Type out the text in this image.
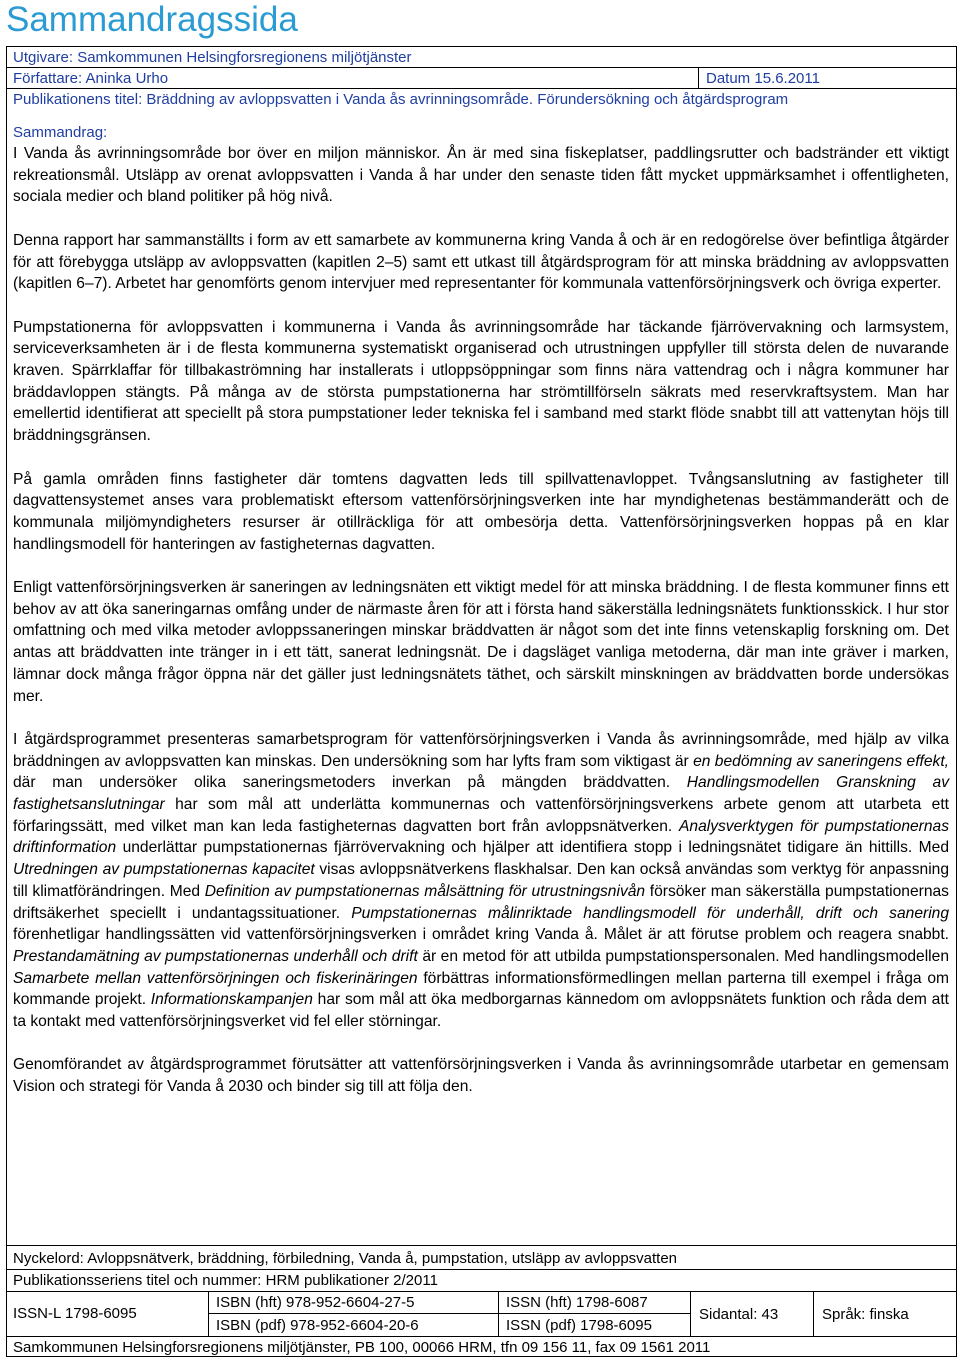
Sammandragssida
Utgivare: Samkommunen Helsingforsregionens miljötjänster
Författare: Aninka Urho	Datum 15.6.2011
Publikationens titel: Bräddning av avloppsvatten i Vanda ås avrinningsområde. Förundersökning och åtgärdsprogram
Sammandrag:

I Vanda ås avrinningsområde bor över en miljon människor. Ån är med sina fiskeplatser, paddlingsrutter och badstränder ett viktigt rekreationsmål. Utsläpp av orenat avloppsvatten i Vanda å har under den senaste tiden fått mycket uppmärksamhet i offentligheten, sociala medier och bland politiker på hög nivå.

Denna rapport har sammanställts i form av ett samarbete av kommunerna kring Vanda å och är en redogörelse över befintliga åtgärder för att förebygga utsläpp av avloppsvatten (kapitlen 2–5) samt ett utkast till åtgärdsprogram för att minska bräddning av avloppsvatten (kapitlen 6–7). Arbetet har genomförts genom intervjuer med representanter för kommunala vattenförsörjningsverk och övriga experter.

Pumpstationerna för avloppsvatten i kommunerna i Vanda ås avrinningsområde har täckande fjärrövervakning och larmsystem, serviceverksamheten är i de flesta kommunerna systematiskt organiserad och utrustningen uppfyller till största delen de nuvarande kraven. Spärrklaffar för tillbakaströmning har installerats i utloppsöppningar som finns nära vattendrag och i några kommuner har bräddavloppen stängts. På många av de största pumpstationerna har strömtillförseln säkrats med reservkraftsystem. Man har emellertid identifierat att speciellt på stora pumpstationer leder tekniska fel i samband med starkt flöde snabbt till att vattenytan höjs till bräddningsgränsen.

På gamla områden finns fastigheter där tomtens dagvatten leds till spillvattenavloppet. Tvångsanslutning av fastigheter till dagvattensystemet anses vara problematiskt eftersom vattenförsörjningsverken inte har myndighetenas bestämmanderätt och de kommunala miljömyndigheters resurser är otillräckliga för att ombesörja detta. Vattenförsörjningsverken hoppas på en klar handlingsmodell för hanteringen av fastigheternas dagvatten.

Enligt vattenförsörjningsverken är saneringen av ledningsnäten ett viktigt medel för att minska bräddning. I de flesta kommuner finns ett behov av att öka saneringarnas omfång under de närmaste åren för att i första hand säkerställa ledningsnätets funktionsskick. I hur stor omfattning och med vilka metoder avloppssaneringen minskar bräddvatten är något som det inte finns vetenskaplig forskning om. Det antas att bräddvatten inte tränger in i ett tätt, sanerat ledningsnät. De i dagsläget vanliga metoderna, där man inte gräver i marken, lämnar dock många frågor öppna när det gäller just ledningsnätets täthet, och särskilt minskningen av bräddvatten borde undersökas mer.

I åtgärdsprogrammet presenteras samarbetsprogram för vattenförsörjningsverken i Vanda ås avrinningsområde, med hjälp av vilka bräddningen av avloppsvatten kan minskas. Den undersökning som har lyfts fram som viktigast är en bedömning av saneringens effekt, där man undersöker olika saneringsmetoders inverkan på mängden bräddvatten. Handlingsmodellen Granskning av fastighetsanslutningar har som mål att underlätta kommunernas och vattenförsörjningsverkens arbete genom att utarbeta ett förfaringssätt, med vilket man kan leda fastigheternas dagvatten bort från avloppsnätverken. Analysverktygen för pumpstationernas driftinformation underlättar pumpstationernas fjärrövervakning och hjälper att identifiera stopp i ledningsnätet tidigare än hittills. Med Utredningen av pumpstationernas kapacitet visas avloppsnätverkens flaskhalsar. Den kan också användas som verktyg för anpassning till klimatförändringen. Med Definition av pumpstationernas målsättning för utrustningsnivån försöker man säkerställa pumpstationernas driftsäkerhet speciellt i undantagssituationer. Pumpstationernas målinriktade handlingsmodell för underhåll, drift och sanering förenhetligar handlingssätten vid vattenförsörjningsverken i området kring Vanda å. Målet är att förutse problem och reagera snabbt. Prestandamätning av pumpstationernas underhåll och drift är en metod för att utbilda pumpstationspersonalen. Med handlingsmodellen Samarbete mellan vattenförsörjningen och fiskerinäringen förbättras informationsförmedlingen mellan parterna till exempel i fråga om kommande projekt. Informationskampanjen har som mål att öka medborgarnas kännedom om avloppsnätets funktion och råda dem att ta kontakt med vattenförsörjningsverket vid fel eller störningar.

Genomförandet av åtgärdsprogrammet förutsätter att vattenförsörjningsverken i Vanda ås avrinningsområde utarbetar en gemensam Vision och strategi för Vanda å 2030 och binder sig till att följa den.

Nyckelord: Avloppsnätverk, bräddning, förbiledning, Vanda å, pumpstation, utsläpp av avloppsvatten
Publikationsseriens titel och nummer: HRM publikationer 2/2011
ISSN-L 1798-6095
ISBN (hft) 978-952-6604-27-5
ISBN (pdf) 978-952-6604-20-6
ISSN (hft) 1798-6087
ISSN (pdf) 1798-6095
Sidantal: 43	Språk: finska
Samkommunen Helsingforsregionens miljötjänster, PB 100, 00066 HRM, tfn 09 156 11, fax 09 1561 2011
